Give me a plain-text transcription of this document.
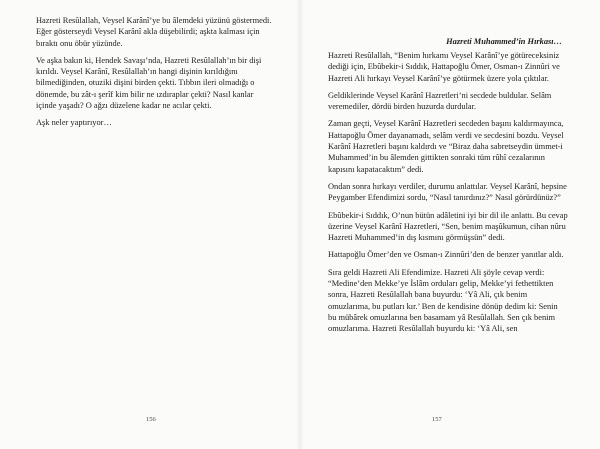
Hazreti Resûlallah, Veysel Karânî’ye bu âlemdeki yüzünü göstermedi. Eğer gösterseydi Veysel Karânî akla düşebilirdi; aşkta kalması için bıraktı onu öbür yüzünde.

Ve aşka bakın ki, Hendek Savaşı’nda, Hazreti Resûlallah’ın bir dişi kırıldı. Veysel Karânî, Resûlallah’ın hangi dişinin kırıldığını bilmediğinden, otuziki dişini birden çekti. Tıbbın ileri olmadığı o dönemde, bu zât-ı şerîf kim bilir ne ızdıraplar çekti? Nasıl kanlar içinde yaşadı? O ağzı düzelene kadar ne acılar çekti.

Aşk neler yaptırıyor…

156
Hazreti Muhammed’in Hırkası…

Hazreti Resûlallah, “Benim hırkamı Veysel Karânî’ye götüreceksiniz dediği için, Ebûbekir-i Sıddık, Hattapoğlu Ömer, Osman-ı Zinnûri ve Hazreti Ali hırkayı Veysel Karânî’ye götürmek üzere yola çıktılar.

Geldiklerinde Veysel Karânî Hazretleri’ni secdede buldular. Selâm veremediler, dördü birden huzurda durdular.

Zaman geçti, Veysel Karânî Hazretleri secdeden başını kaldırmayınca, Hattapoğlu Ömer dayanamadı, selâm verdi ve secdesini bozdu. Veysel Karânî Hazretleri başını kaldırdı ve “Biraz daha sabretseydin ümmet-i Muhammed’in bu âlemden gittikten sonraki tüm rûhî cezalarının kapısını kapatacaktım” dedi.

Ondan sonra hırkayı verdiler, durumu anlattılar. Veysel Karânî, hepsine Peygamber Efendimizi sordu, “Nasıl tanırdınız?” Nasıl görürdünüz?”

Ebûbekir-i Sıddık, O’nun bütün adâletini iyi bir dil ile anlattı. Bu cevap üzerine Veysel Karânî Hazretleri, “Sen, benim maşûkumun, cihan nûru Hazreti Muhammed’in dış kısmını görmüşsün” dedi.

Hattapoğlu Ömer’den ve Osman-ı Zinnûri’den de benzer yanıtlar aldı.

Sıra geldi Hazreti Ali Efendimize. Hazreti Ali şöyle cevap verdi: “Medine’den Mekke’ye İslâm orduları gelip, Mekke’yi fethettikten sonra, Hazreti Resûlallah bana buyurdu: ‘Yâ Ali, çık benim omuzlarıma, bu putları kır.’ Ben de kendisine dönüp dedim ki: Senin bu mübârek omuzlarına ben basamam yâ Resûlallah. Sen çık benim omuzlarıma. Hazreti Resûlallah buyurdu ki: ‘Yâ Ali, sen

157
